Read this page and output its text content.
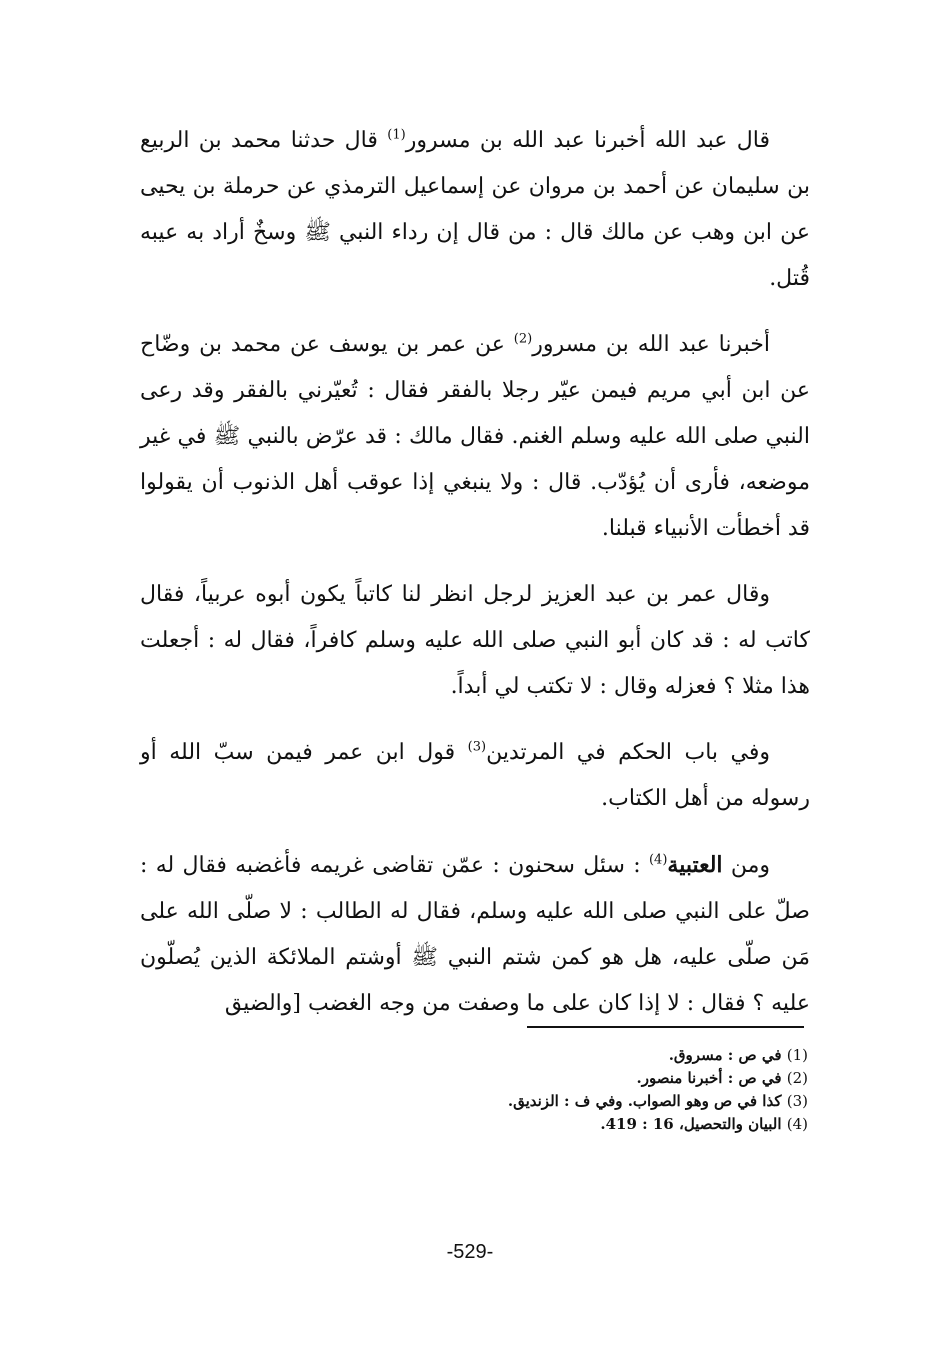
قال عبد الله أخبرنا عبد الله بن مسرور$^{(1)}$ قال حدثنا محمد بن الربيع بن سليمان عن أحمد بن مروان عن إسماعيل الترمذي عن حرملة بن يحيى عن ابن وهب عن مالك قال : من قال إن رداء النبي ﷺ وسخٌ أراد به عيبه قُتل.

أخبرنا عبد الله بن مسرور$^{(2)}$ عن عمر بن يوسف عن محمد بن وضّاح عن ابن أبي مريم فيمن عيّر رجلا بالفقر فقال : تُعيّرني بالفقر وقد رعى النبي صلى الله عليه وسلم الغنم. فقال مالك : قد عرّض بالنبي ﷺ في غير موضعه، فأرى أن يُؤدّب. قال : ولا ينبغي إذا عوقب أهل الذنوب أن يقولوا قد أخطأت الأنبياء قبلنا.

وقال عمر بن عبد العزيز لرجل انظر لنا كاتباً يكون أبوه عربياً، فقال كاتب له : قد كان أبو النبي صلى الله عليه وسلم كافراً، فقال له : أجعلت هذا مثلا ؟ فعزله وقال : لا تكتب لي أبداً.

وفي باب الحكم في المرتدين$^{(3)}$ قول ابن عمر فيمن سبّ الله أو رسوله من أهل الكتاب.

ومن العتبية$^{(4)}$ : سئل سحنون : عمّن تقاضى غريمه فأغضبه فقال له : صلّ على النبي صلى الله عليه وسلم، فقال له الطالب : لا صلّى الله على مَن صلّى عليه، هل هو كمن شتم النبي ﷺ أوشتم الملائكة الذين يُصلّون عليه ؟ فقال : لا إذا كان على ما وصفت من وجه الغضب [والضيق

(1) في ص : مسروق.

(2) في ص : أخبرنا منصور.

(3) كذا في ص وهو الصواب. وفي ف : الزنديق.

(4) البيان والتحصيل، 16 : 419.

-529-
